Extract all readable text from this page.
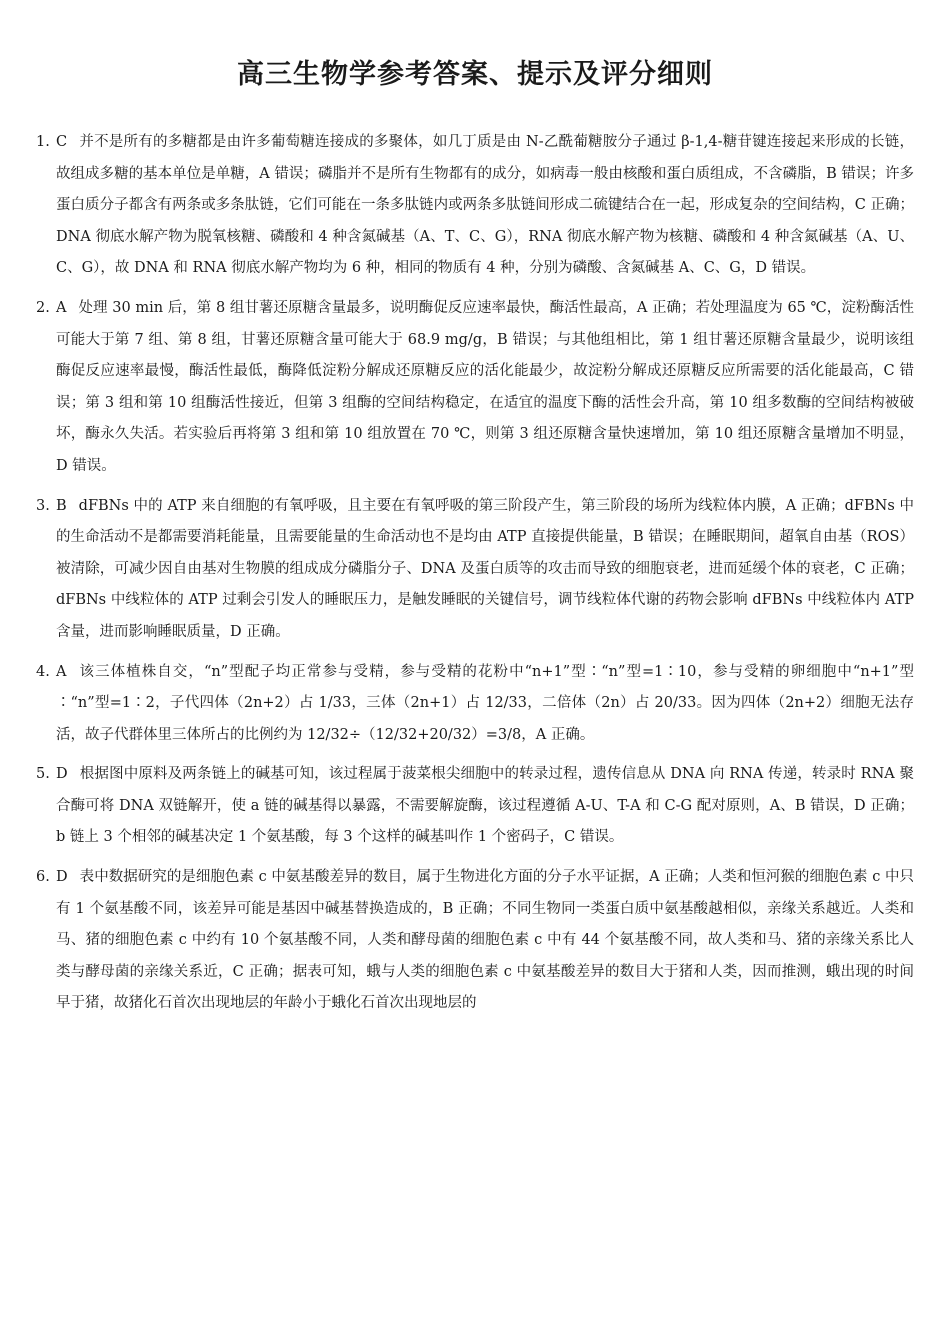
高三生物学参考答案、提示及评分细则
1. C 并不是所有的多糖都是由许多葡萄糖连接成的多聚体，如几丁质是由 N-乙酰葡糖胺分子通过 β-1,4-糖苷键连接起来形成的长链，故组成多糖的基本单位是单糖，A 错误；磷脂并不是所有生物都有的成分，如病毒一般由核酸和蛋白质组成，不含磷脂，B 错误；许多蛋白质分子都含有两条或多条肽链，它们可能在一条多肽链内或两条多肽链间形成二硫键结合在一起，形成复杂的空间结构，C 正确；DNA 彻底水解产物为脱氧核糖、磷酸和 4 种含氮碱基（A、T、C、G），RNA 彻底水解产物为核糖、磷酸和 4 种含氮碱基（A、U、C、G），故 DNA 和 RNA 彻底水解产物均为 6 种，相同的物质有 4 种，分别为磷酸、含氮碱基 A、C、G，D 错误。
2. A 处理 30 min 后，第 8 组甘薯还原糖含量最多，说明酶促反应速率最快，酶活性最高，A 正确；若处理温度为 65 ℃，淀粉酶活性可能大于第 7 组、第 8 组，甘薯还原糖含量可能大于 68.9 mg/g，B 错误；与其他组相比，第 1 组甘薯还原糖含量最少，说明该组酶促反应速率最慢，酶活性最低，酶降低淀粉分解成还原糖反应的活化能最少，故淀粉分解成还原糖反应所需要的活化能最高，C 错误；第 3 组和第 10 组酶活性接近，但第 3 组酶的空间结构稳定，在适宜的温度下酶的活性会升高，第 10 组多数酶的空间结构被破坏，酶永久失活。若实验后再将第 3 组和第 10 组放置在 70 ℃，则第 3 组还原糖含量快速增加，第 10 组还原糖含量增加不明显，D 错误。
3. B dFBNs 中的 ATP 来自细胞的有氧呼吸，且主要在有氧呼吸的第三阶段产生，第三阶段的场所为线粒体内膜，A 正确；dFBNs 中的生命活动不是都需要消耗能量，且需要能量的生命活动也不是均由 ATP 直接提供能量，B 错误；在睡眠期间，超氧自由基（ROS）被清除，可减少因自由基对生物膜的组成成分磷脂分子、DNA 及蛋白质等的攻击而导致的细胞衰老，进而延缓个体的衰老，C 正确；dFBNs 中线粒体的 ATP 过剩会引发人的睡眠压力，是触发睡眠的关键信号，调节线粒体代谢的药物会影响 dFBNs 中线粒体内 ATP 含量，进而影响睡眠质量，D 正确。
4. A 该三体植株自交，“n”型配子均正常参与受精，参与受精的花粉中“n+1”型∶“n”型=1∶10，参与受精的卵细胞中“n+1”型∶“n”型=1∶2，子代四体（2n+2）占 1/33，三体（2n+1）占 12/33，二倍体（2n）占 20/33。因为四体（2n+2）细胞无法存活，故子代群体里三体所占的比例约为 12/32÷（12/32+20/32）=3/8，A 正确。
5. D 根据图中原料及两条链上的碱基可知，该过程属于菠菜根尖细胞中的转录过程，遗传信息从 DNA 向 RNA 传递，转录时 RNA 聚合酶可将 DNA 双链解开，使 a 链的碱基得以暴露，不需要解旋酶，该过程遵循 A-U、T-A 和 C-G 配对原则，A、B 错误，D 正确；b 链上 3 个相邻的碱基决定 1 个氨基酸，每 3 个这样的碱基叫作 1 个密码子，C 错误。
6. D 表中数据研究的是细胞色素 c 中氨基酸差异的数目，属于生物进化方面的分子水平证据，A 正确；人类和恒河猴的细胞色素 c 中只有 1 个氨基酸不同，该差异可能是基因中碱基替换造成的，B 正确；不同生物同一类蛋白质中氨基酸越相似，亲缘关系越近。人类和马、猪的细胞色素 c 中约有 10 个氨基酸不同，人类和酵母菌的细胞色素 c 中有 44 个氨基酸不同，故人类和马、猪的亲缘关系比人类与酵母菌的亲缘关系近，C 正确；据表可知，蛾与人类的细胞色素 c 中氨基酸差异的数目大于猪和人类，因而推测，蛾出现的时间早于猪，故猪化石首次出现地层的年龄小于蛾化石首次出现地层的
